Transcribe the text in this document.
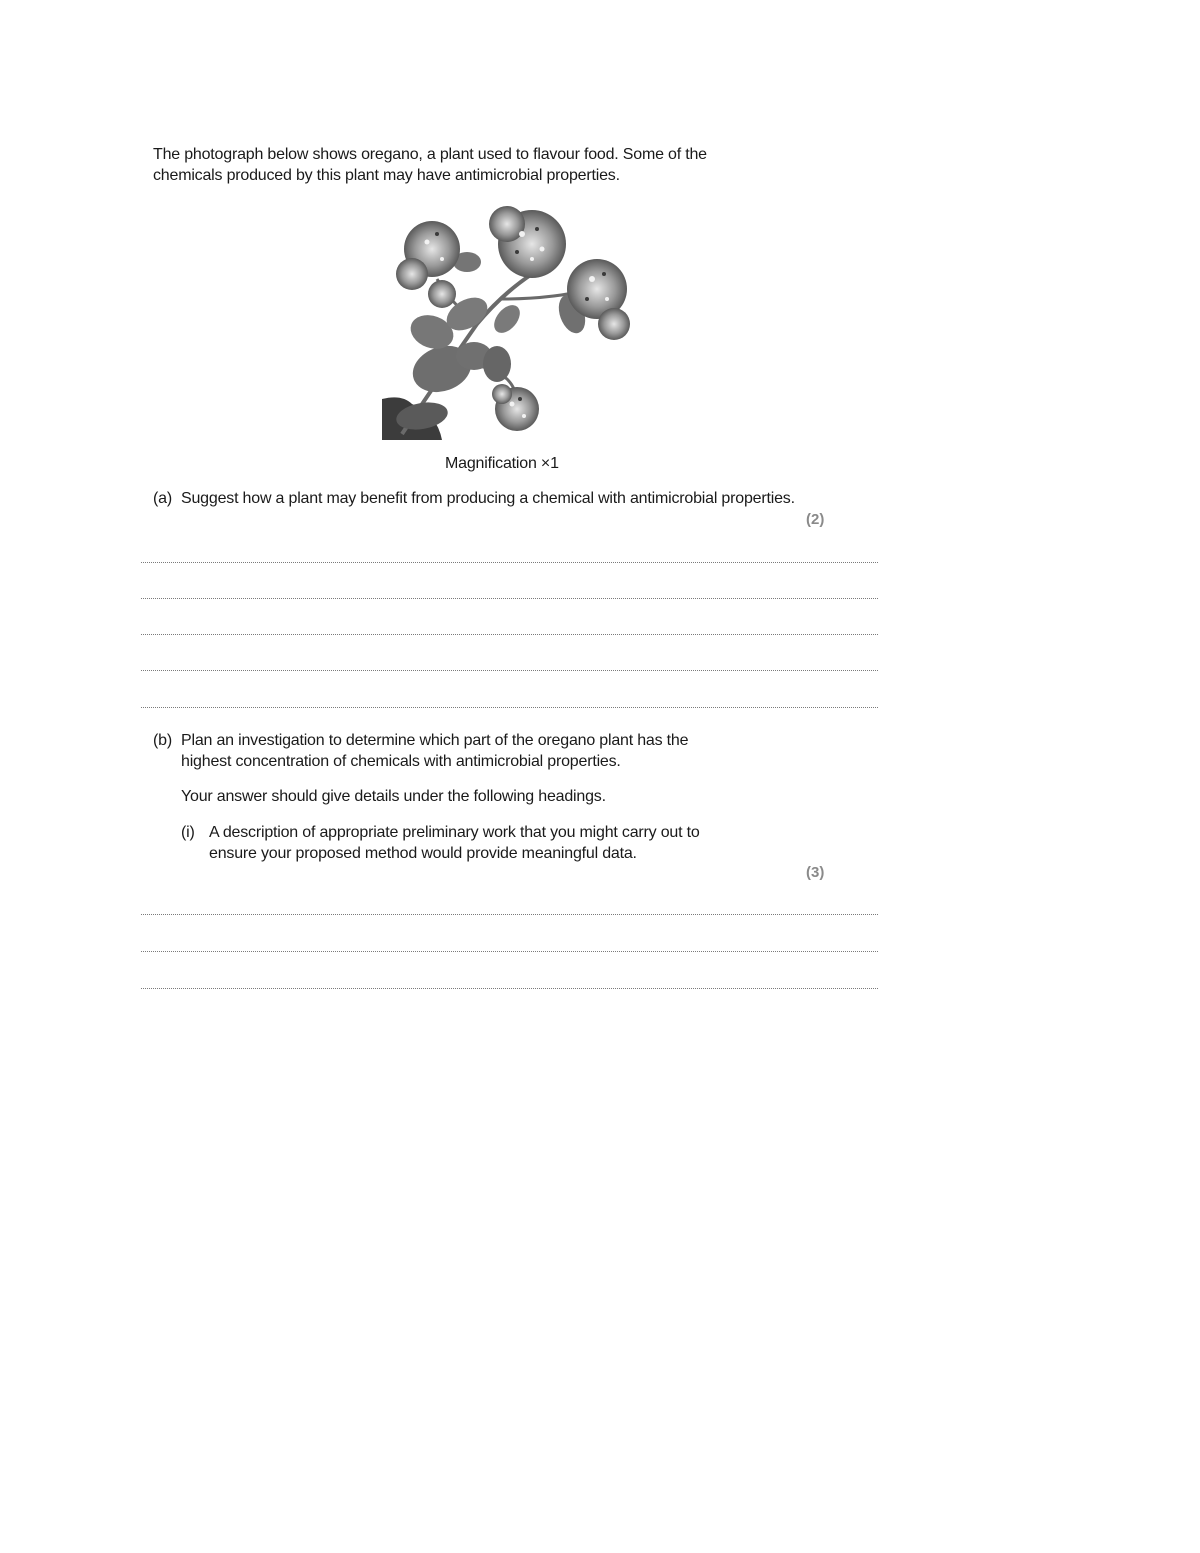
The photograph below shows oregano, a plant used to flavour food. Some of the
chemicals produced by this plant may have antimicrobial properties.
Magnification ×1
(a) Suggest how a plant may benefit from producing a chemical with antimicrobial properties.
(2)
(b) Plan an investigation to determine which part of the oregano plant has the
highest concentration of chemicals with antimicrobial properties.
Your answer should give details under the following headings.
(i) A description of appropriate preliminary work that you might carry out to
ensure your proposed method would provide meaningful data.
(3)
